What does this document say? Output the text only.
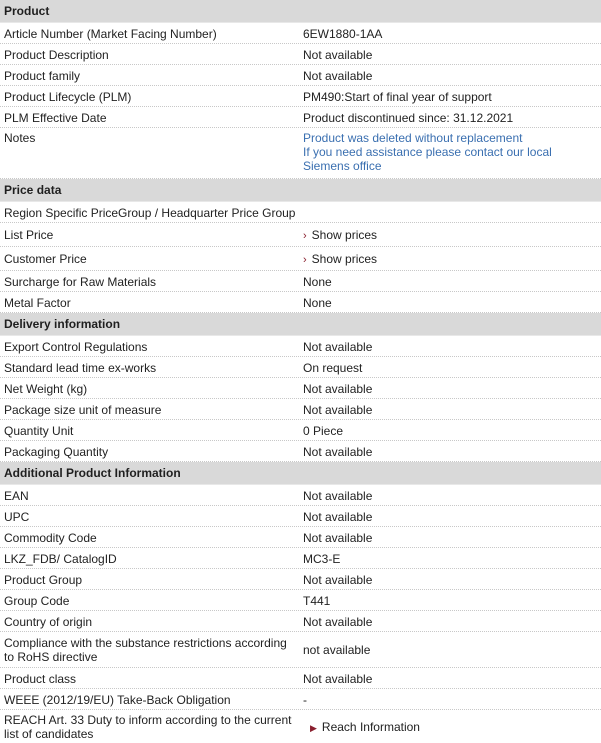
Product
Article Number (Market Facing Number)	6EW1880-1AA
Product Description	Not available
Product family	Not available
Product Lifecycle (PLM)	PM490:Start of final year of support
PLM Effective Date	Product discontinued since: 31.12.2021
Notes	Product was deleted without replacement
If you need assistance please contact our local
Siemens office
Price data
Region Specific PriceGroup / Headquarter Price Group
List Price	› Show prices
Customer Price	› Show prices
Surcharge for Raw Materials	None
Metal Factor	None
Delivery information
Export Control Regulations	Not available
Standard lead time ex-works	On request
Net Weight (kg)	Not available
Package size unit of measure	Not available
Quantity Unit	0 Piece
Packaging Quantity	Not available
Additional Product Information
EAN	Not available
UPC	Not available
Commodity Code	Not available
LKZ_FDB/ CatalogID	MC3-E
Product Group	Not available
Group Code	T441
Country of origin	Not available
Compliance with the substance restrictions according to RoHS directive	not available
Product class	Not available
WEEE (2012/19/EU) Take-Back Obligation	-
REACH Art. 33 Duty to inform according to the current list of candidates	▶ Reach Information
